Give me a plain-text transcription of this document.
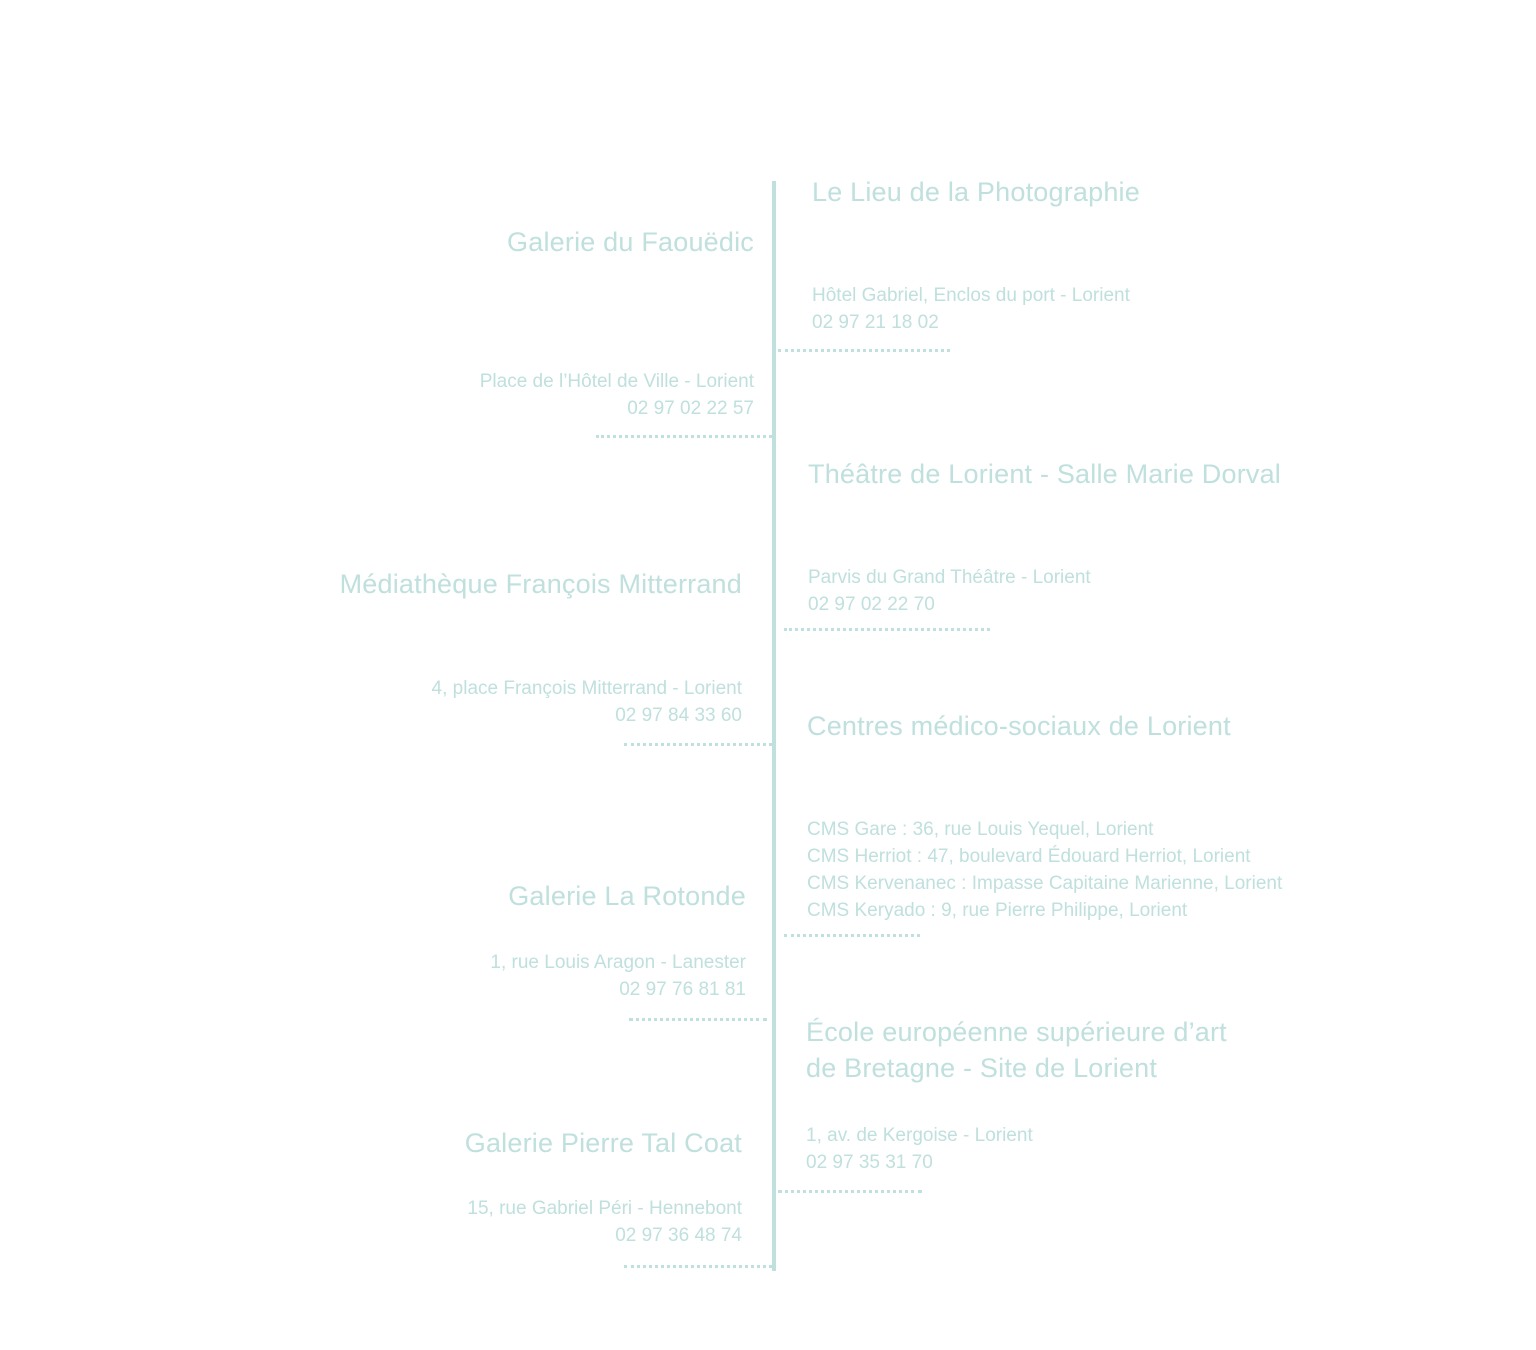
Le Lieu de la Photographie
Hôtel Gabriel, Enclos du port - Lorient
02 97 21 18 02
Galerie du Faouëdic
Place de l’Hôtel de Ville - Lorient
02 97 02 22 57
Théâtre de Lorient - Salle Marie Dorval
Parvis du Grand Théâtre - Lorient
02 97 02 22 70
Médiathèque François Mitterrand
4, place François Mitterrand - Lorient
02 97 84 33 60 Centres médico-sociaux de Lorient
CMS Gare : 36, rue Louis Yequel, Lorient
CMS Herriot : 47, boulevard Édouard Herriot, Lorient
CMS Kervenanec : Impasse Capitaine Marienne, Lorient
CMS Keryado : 9, rue Pierre Philippe, Lorient
Galerie La Rotonde
1, rue Louis Aragon - Lanester
02 97 76 81 81
École européenne supérieure d’art
de Bretagne - Site de Lorient
1, av. de Kergoise - Lorient
02 97 35 31 70
Galerie Pierre Tal Coat
15, rue Gabriel Péri - Hennebont
02 97 36 48 74
